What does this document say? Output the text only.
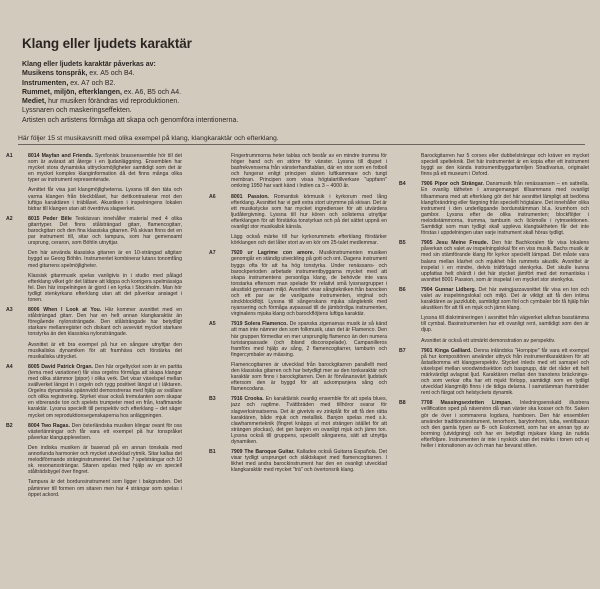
Klang eller ljudets karaktär
Klang eller ljudets karaktär påverkas av:
Musikens tonspråk, ex. A5 och B4.
Instrumenten, ex. A7 och B2.
Rummet, miljön, efterklangen, ex. A6, B5 och A4.
Mediet, hur musiken förändras vid reproduktionen.
Lyssnaren och maskeringseffekten.
Artisten och artistens förmåga att skapa och genomföra intentionerna.
Här följer 15 st musikavsnitt med olika exempel på klang, klangkaraktär och efterklang.
A1	8014 Mayfan and Friends. Symfonisk brassensemble hör till det som är avärast att återge i en ljudanläggning. Ensemblen har mycket stora dynamiska uttrycksmöjligheter samtidigt som det är en mycket komplex klanginformation då det finns många olika typer av instrument representerade.
Avnittet får visa just klangmöjligheterna. Lyssna till den täta och varma klangen från bleckblåset, hur dettkontrasterar mot den luftiga karaktären i träblåset. Akustiken i inspelningens lokalen bidrar till klangen utan att överdriva slagverket.
A2	8015 Peder Bille Teskäsvan innehåller material med 4 olika gitarrtyper. Det finns stålsträngad gitarr, flamencogitarr, barockgitarr och den fina klassiska gitarren. På skivan finns det en par instrument till, sitar och tampura, som har gemensamt ursprung, ceraron, som Böhlin utnyttjar.
Den här använda klassiska gitarren är en 10-strängad altgitarr byggd av Georg Böhlin. Instrumentet kombinerar lutans tonomfång med gitarrens spelmöjligheter.
Klassisk gitarrmusik spelas vanligtvis in i studio med pålagd efterklang vilket gör det lättare att klippa och korrigera spelmässiga fel. Den här inspelningen är gjord i en kyrka i Stockholm. Man hör tydligt stenkyrkans efterklang utan att det påverkar ansiaget i tonen.
A3	8006 When I Look at You. Här kommer avsnittet med en stålsträngad gitarr. Den har en helt annan klangkaraktär än föregående nylonsträngade. Den stålsträngade har betydligt starkare mellanregister och diskant och avsevärt mycket starkare tonstyrka än den klassiska nylonsträngade.
Avsnittet är ett bra exempel på hur en sångare utnyttjar den musikaliska dynamiken för att framhäva och förstärka det musikaliska uttrycket.
A4	8005 David Patrick Organ. Den här orgeltycket som är en partita (tema med variationer) får visa orgelns förmåga att skapa klangar med olika stämmor (pipor) i olika verk. Det visar växelspel mellan svällverket längst in i orgeln och rygg positivet längst ut i läktaren. Orgelns dynamiska spännvidd demonstreras med hjälp av svällare och olika registrering. Styrket visar också tremulanten som skapar en vibrerande ton och spelets trumpeter med en från, kraftmande karaktär. Lyssna speciellt till perspektiv och efterklang – det säger mycket om reproduktionsegenskaperna hos anläggningen.
B2	8004 Two Ragas. Den österländska musiken klingar ovant för oss västerlänningar och får vara ett exempel på hur tonspråket påverkar klangupplevelsen.
Den indiska musiken är baserad på en annan tonskala med annorlunda harmonier och mycket utvecklad rytmik. Sitar kallas det melodiförmande stränginstrumentet. Det har 7 spelsträngar och 10 sk. resonanssträngar. Sitaren spelas med hjälp av en speciell stålträdsbygel över fingret.
Tampura är det bordunsinstrument som ligger i bakgrunden. Det påminner till formen om sitaren men har 4 strängar som spelas i öppet ackord.
Fingertrummorna heter tablas och består av en mindre trumma för höger hand och en större för vänster. Lyssna till djupet i basfrekvenserna från vänsterhandtablan, där en stor som en fotboll och fungerar enligt principen sluten luftkammare och tungt membran. Principen som vissa högtalartillverkare "uppfann" omkring 1950 har varit känd i Indien ca 3 – 4000 år.
A6	8001 Passion. Romantisk körmusik i kyrkorum med lång efterklang. Avsnittet har vi gett extra stort utrymme på skivan. Det är ett musikstycke som har mycket ingredienser för att utvärdera ljudåtergivning. Lyssna till hur kören och solisterna utnyttjar efterklangen för att förstärka tonstyrkan och på det sättet uppnå en ovanligt stor musikalisk känsla.
Lägg också märke till hur kyrkorummets efterklang förstärker körklangen och det låter stort av en kör om 25-talet medlemmar.
A7	7920 ur Lagrime con amore. Musikinstrumenten musiken genomgår en ständig utveckling på gott och ont. Dagens instrument byggs ofta för att ha hög tonstyrka. Under renässans- och barockperioden arbetade instrumentbyggarna mycket med att skapa instrumentens personliga klang, de behövde inte vara tonstarka eftersom man spelade för relativt små lyssnargrupper i akustiskt gynnsam miljö. Avsnittet visar sångtekniken från barocken och ett par av de vanligaste instrumenten, virginal och sinckblockflöjt. Lyssna till sångerskans mjuka sångteknik med nyansering och förmåga avpassad till de jämbördiga instrumenten, virginalens mjuka klang och barockflöjtens luftiga karaktär.
A5	7919 Solera Flamenco. De spanska zigenarnas musik är så känd att man inte nämner den som folkmusik, utan det är Flamenco. Den här gruppen förmedlar en mer ursprunglig flamenco än den numera turistanpassade (och ibland disconspelade). Campanilleros framförs med hjälp av sång, 2 flamencogitarrer, tamburin och fingercymbaler av mässing.
Flamencogitarren är utvecklad från barockgitarren parallellt med den klassiska gitarren och har betydligt mer av den tonkaraktär och karaktär som finns i barockgitarren. Den är förvånansvärt ljudstark eftersom den är byggd för att ackompanjera sång och flamencodans.
B3	7916 Crooka. En karaktärisk ovanlig ensemble för att spela blues, jazz och ragtime. Tvättbräden med tillhöror svarar för slagverksinsatserna. Det är givetvis ev zinkplåt för att få den rätta karaktären, både mjuk och metallisk. Banjon spelas med s.k. clawhammerteknik (fingret knäpps ut mot strängen istället för att strängen plockas), det ger banjon en ovanligt mjuk och jämn ton. Lyssna också till gruppens, speciellt sångarens, sätt att utnyttja dynamiken.
B1	7909 The Baroque Guitar. Kallades också Guitarra Española. Det visar tydligt ursprunget och släktskapet med flamencogitarren. I likhet med andra barockinstrument har den en ovanligt utvecklad klangkaraktär med mycket "trä" och övertonsrik klang.
Barockgitarren har 5 corses eller dubbelsträngar och kräver en mycket speciell spelteknik. Det här instrumentet är en kopia efter ett instrument byggt av den kända instrumentbyggarfamiljen Stradivarius, originalet finns på ett museum i Oxford.
B4	7906 Pipor och Strängar. Dansmusik från renässansen – en satirella. En ovanlig tätheten i arrangemanget tillsammans med ovanligt tillsammans med att efterklang gör det här avsnittet lämpligt att bedöma klangförändring eller färgning från speciellt högtalare. Det innehåller olika instrument i den underliggande bordunstämman bl.a. krumhorn och gambor. Lyssna efter de olika instrumenten; blockflöjter i melodistämmorna, trumma, tamburin och lickmolle i rytmsektionen. Samtidigt som man tydligt skall uppleva klangtaktheten får det inte förstas i uppdelningen utan varje instrument skall höras tydligt.
B5	7905 Jesu Meine Freude. Den här Bachkoralen får visa lokalens påverkan och valet av inspelningslokal för en viss musik. Bachs musik är med sin stämförande klang för kyrkor speciellt lämpad. Det måste vara balans mellan klarhet och mjukhet från rummets akustik. Avsnittet är inspelat i en mindre, delvis träförlagd stenkyrka. Det skulle kunna uppfattas helt ohärdt i det här stycket jämfört med det romantiska i avsnittet 8001 Passion, som är inspelat i en mycket stor stenkyrka.
B6	7904 Gunnar Lidberg. Det här swingjazzavsnittet får visa en ton och valet av inspelningslokal och miljö. Det är viktigt att få den intima karaktären av jazzklubb, samtidigt som fiol och cymbaler bör få hjälp från akustiken för att få en mjuk och jämn klang.
Lyssna till diskrimineringen i avsnittet från vägverket allsfran basstämma till cymbal. Basinstrumenten har ett ovanligt rent, samtidigt som den är djup.
Avsnittet är också ett utmärkt demonstration av perspektiv.
B7	7901 Kinga Galliard. Denna inländska "Hornpipe" får vara ett exempel på hur kompositören använder uttryck från instrumentkaraktären för att åstadkomma ett klangperspektiv. Stycket inleds med ett samspel och växelspel mellan woodwindsektion och basgrupp, där det råder ett helt märkvärdigt avlagrat ljud. Karaktären mellan den tranotens bräcknings- och som verkar ofta har ett mjukt förlopp, samtidigt som en tydligt utvecklad klangmiljö finns i de tidiga delarna. I samstämman framträder rent och färgat och helstyckets dynamik.
B8	7708 Massingsextetten Limpan. Inledningsenskald illustrera vellification sped på nävervinn då man växter ska kosser och för. Saken gör de över i sommarens logdans, hamboen. Den här ensemblen använder traditionsinstrument, tenorhorn, barytonhorn, tuba, ventilbasun och den gamla typen av B- och Esskornett, som har en annan typ av borrning (utvidgning) och har en betydligt mjukare klang än nutida efterföljare. Instrumenten är inte i nyskick utan det märks i tonen och ej heller i intonationen av och man har bevarat stilen.
